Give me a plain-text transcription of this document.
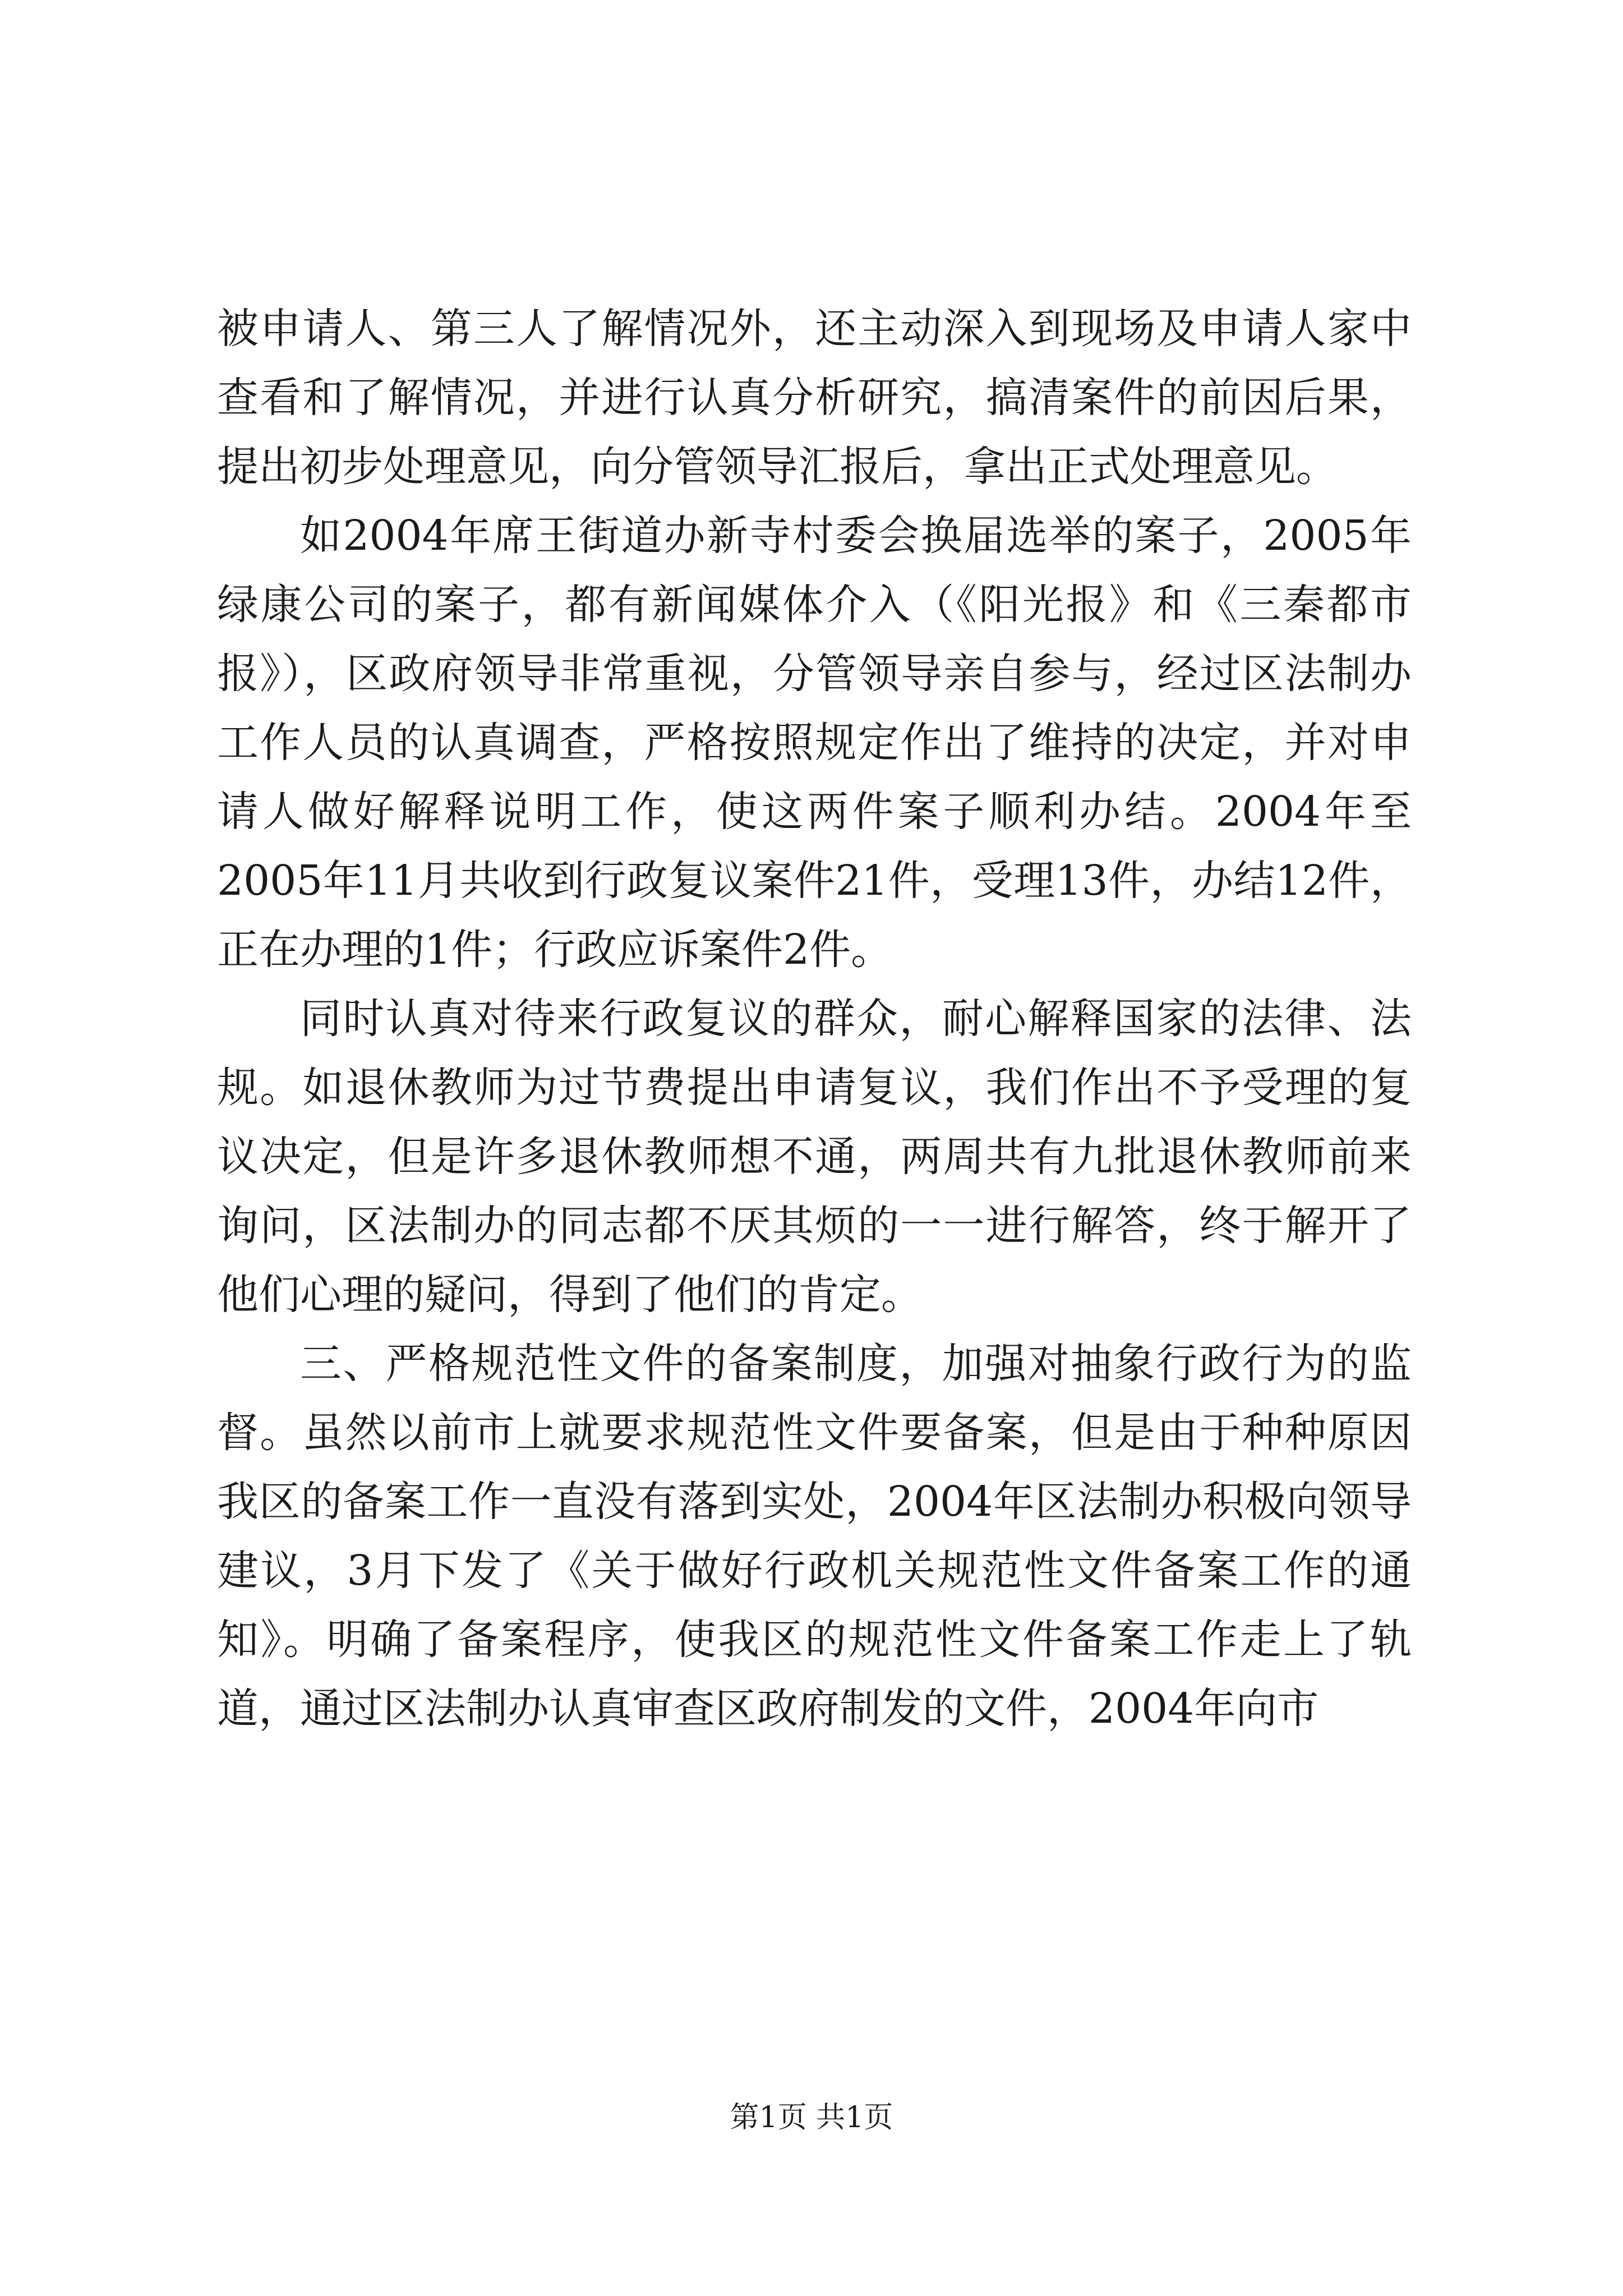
被申请人、第三人了解情况外，还主动深入到现场及申请人家中查看和了解情况，并进行认真分析研究，搞清案件的前因后果，提出初步处理意见，向分管领导汇报后，拿出正式处理意见。

如2004年席王街道办新寺村委会换届选举的案子，2005年绿康公司的案子，都有新闻媒体介入（《阳光报》和《三秦都市报》），区政府领导非常重视，分管领导亲自参与，经过区法制办工作人员的认真调查，严格按照规定作出了维持的决定，并对申请人做好解释说明工作，使这两件案子顺利办结。2004年至2005年11月共收到行政复议案件21件，受理13件，办结12件，正在办理的1件；行政应诉案件2件。

同时认真对待来行政复议的群众，耐心解释国家的法律、法规。如退休教师为过节费提出申请复议，我们作出不予受理的复议决定，但是许多退休教师想不通，两周共有九批退休教师前来询问，区法制办的同志都不厌其烦的一一进行解答，终于解开了他们心理的疑问，得到了他们的肯定。

三、严格规范性文件的备案制度，加强对抽象行政行为的监督。虽然以前市上就要求规范性文件要备案，但是由于种种原因我区的备案工作一直没有落到实处，2004年区法制办积极向领导建议，3月下发了《关于做好行政机关规范性文件备案工作的通知》。明确了备案程序，使我区的规范性文件备案工作走上了轨道，通过区法制办认真审查区政府制发的文件，2004年向市

第1页 共1页
